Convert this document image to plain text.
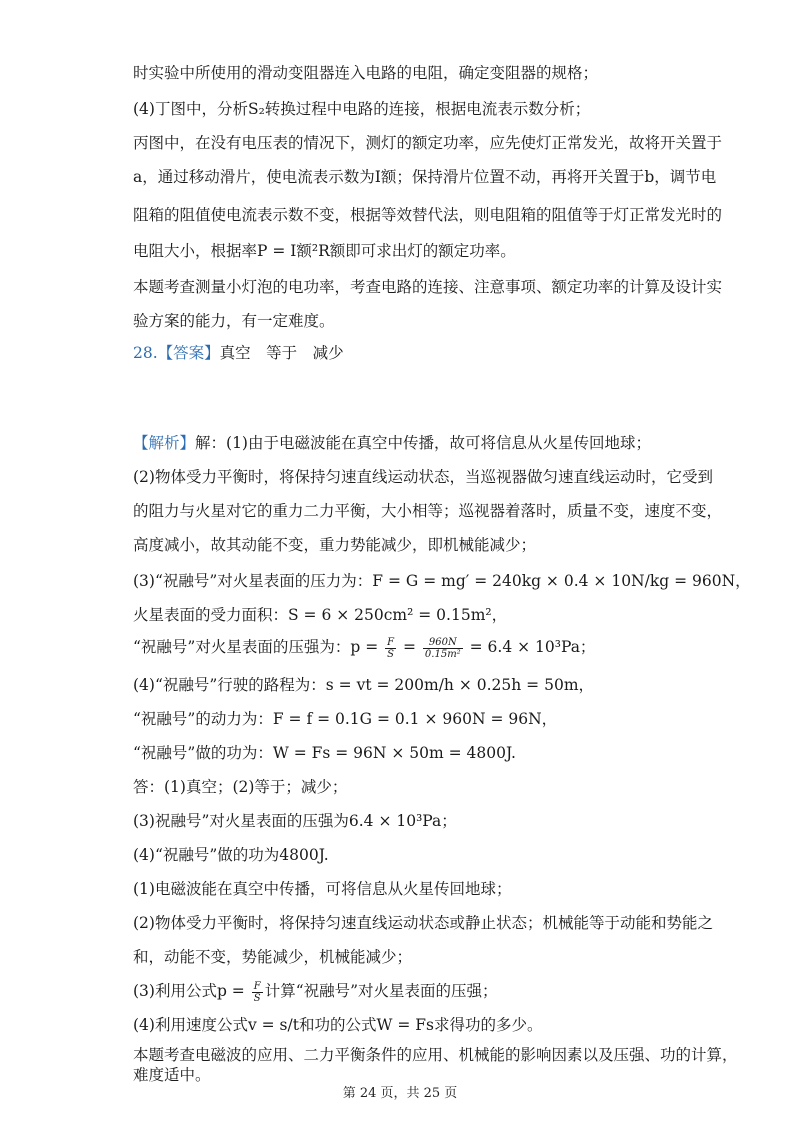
时实验中所使用的滑动变阻器连入电路的电阻，确定变阻器的规格；
(4)丁图中，分析S₂转换过程中电路的连接，根据电流表示数分析；
丙图中，在没有电压表的情况下，测灯的额定功率，应先使灯正常发光，故将开关置于
a，通过移动滑片，使电流表示数为I额；保持滑片位置不动，再将开关置于b，调节电
阻箱的阻值使电流表示数不变，根据等效替代法，则电阻箱的阻值等于灯正常发光时的
电阻大小，根据率P = I额²R额即可求出灯的额定功率。
本题考查测量小灯泡的电功率，考查电路的连接、注意事项、额定功率的计算及设计实
验方案的能力，有一定难度。
28.【答案】真空　等于　减少
【解析】解：(1)由于电磁波能在真空中传播，故可将信息从火星传回地球；
(2)物体受力平衡时，将保持匀速直线运动状态，当巡视器做匀速直线运动时，它受到
的阻力与火星对它的重力二力平衡，大小相等；巡视器着落时，质量不变，速度不变，
高度减小，故其动能不变，重力势能减少，即机械能减少；
(3)“祝融号”对火星表面的压力为：F = G = mg′ = 240kg × 0.4 × 10N/kg = 960N，
火星表面的受力面积：S = 6 × 250cm² = 0.15m²，
“祝融号”对火星表面的压强为：$p = \frac{F}{S} = \frac{960N}{\text{0.15m²}} = 6.4 \times 10^3Pa$；
(4)“祝融号”行驶的路程为：s = vt = 200m/h × 0.25h = 50m，
“祝融号”的动力为：F = f = 0.1G = 0.1 × 960N = 96N，
“祝融号”做的功为：W = Fs = 96N × 50m = 4800J.
答：(1)真空；(2)等于；减少；
(3)祝融号”对火星表面的压强为6.4 × 10³Pa；
(4)“祝融号”做的功为4800J.
(1)电磁波能在真空中传播，可将信息从火星传回地球；
(2)物体受力平衡时，将保持匀速直线运动状态或静止状态；机械能等于动能和势能之
和，动能不变，势能减少，机械能减少；
(3)利用公式$p = \frac{F}{S}$ 计算“祝融号”对火星表面的压强；
(4)利用速度公式v = s/t和功的公式W = Fs求得功的多少。
本题考查电磁波的应用、二力平衡条件的应用、机械能的影响因素以及压强、功的计算，
难度适中。
第 24 页，共 25 页
